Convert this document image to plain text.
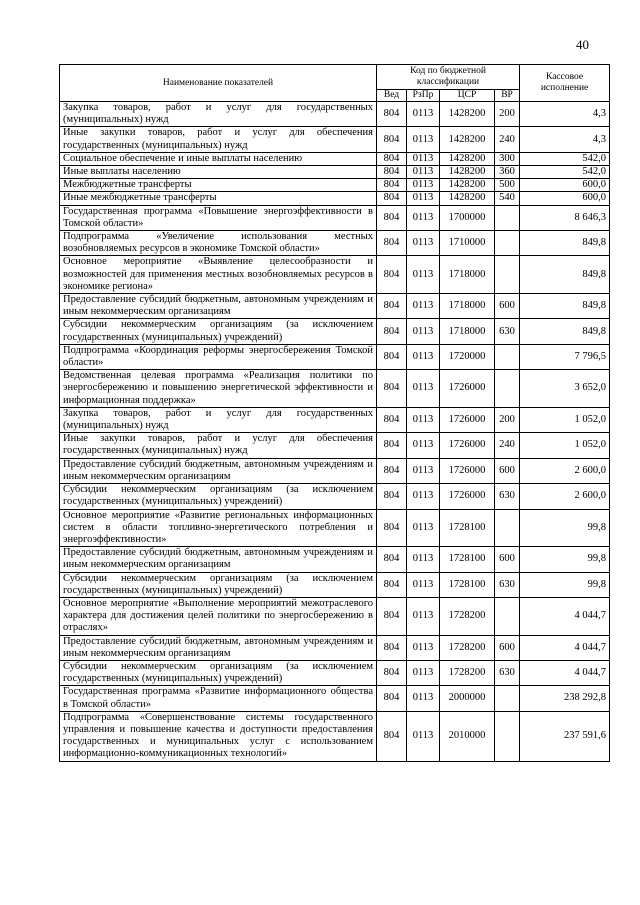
40
Наименование показателей	Код по бюджетной классификации				Кассовое исполнение
	Вед	РзПр	ЦСР	ВР	
Закупка товаров, работ и услуг для государственных (муниципальных) нужд	804	0113	1428200	200	4,3
Иные закупки товаров, работ и услуг для обеспечения государственных (муниципальных) нужд	804	0113	1428200	240	4,3
Социальное обеспечение и иные выплаты населению	804	0113	1428200	300	542,0
Иные выплаты населению	804	0113	1428200	360	542,0
Межбюджетные трансферты	804	0113	1428200	500	600,0
Иные межбюджетные трансферты	804	0113	1428200	540	600,0
Государственная программа «Повышение энергоэффективности в Томской области»	804	0113	1700000		8 646,3
Подпрограмма «Увеличение использования местных возобновляемых ресурсов в экономике Томской области»	804	0113	1710000		849,8
Основное мероприятие «Выявление целесообразности и возможностей для применения местных возобновляемых ресурсов в экономике региона»	804	0113	1718000		849,8
Предоставление субсидий бюджетным, автономным учреждениям и иным некоммерческим организациям	804	0113	1718000	600	849,8
Субсидии некоммерческим организациям (за исключением государственных (муниципальных) учреждений)	804	0113	1718000	630	849,8
Подпрограмма «Координация реформы энергосбережения Томской области»	804	0113	1720000		7 796,5
Ведомственная целевая программа «Реализация политики по энергосбережению и повышению энергетической эффективности и информационная поддержка»	804	0113	1726000		3 652,0
Закупка товаров, работ и услуг для государственных (муниципальных) нужд	804	0113	1726000	200	1 052,0
Иные закупки товаров, работ и услуг для обеспечения государственных (муниципальных) нужд	804	0113	1726000	240	1 052,0
Предоставление субсидий бюджетным, автономным учреждениям и иным некоммерческим организациям	804	0113	1726000	600	2 600,0
Субсидии некоммерческим организациям (за исключением государственных (муниципальных) учреждений)	804	0113	1726000	630	2 600,0
Основное мероприятие «Развитие региональных информационных систем в области топливно-энергетического потребления и энергоэффективности»	804	0113	1728100		99,8
Предоставление субсидий бюджетным, автономным учреждениям и иным некоммерческим организациям	804	0113	1728100	600	99,8
Субсидии некоммерческим организациям (за исключением государственных (муниципальных) учреждений)	804	0113	1728100	630	99,8
Основное мероприятие «Выполнение мероприятий межотраслевого характера для достижения целей политики по энергосбережению в отраслях»	804	0113	1728200		4 044,7
Предоставление субсидий бюджетным, автономным учреждениям и иным некоммерческим организациям	804	0113	1728200	600	4 044,7
Субсидии некоммерческим организациям (за исключением государственных (муниципальных) учреждений)	804	0113	1728200	630	4 044,7
Государственная программа «Развитие информационного общества в Томской области»	804	0113	2000000		238 292,8
Подпрограмма «Совершенствование системы государственного управления и повышение качества и доступности предоставления государственных и муниципальных услуг с использованием информационно-коммуникационных технологий»	804	0113	2010000		237 591,6
